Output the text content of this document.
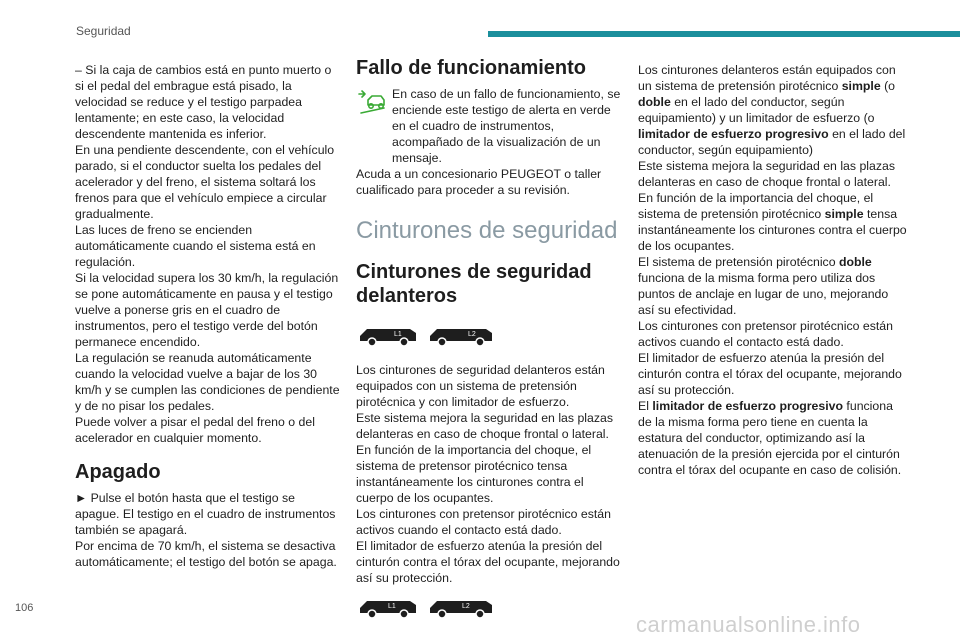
Seguridad

– Si la caja de cambios está en punto muerto o si el pedal del embrague está pisado, la velocidad se reduce y el testigo parpadea lentamente; en este caso, la velocidad descendente mantenida es inferior.

En una pendiente descendente, con el vehículo parado, si el conductor suelta los pedales del acelerador y del freno, el sistema soltará los frenos para que el vehículo empiece a circular gradualmente.

Las luces de freno se encienden automáticamente cuando el sistema está en regulación.

Si la velocidad supera los 30 km/h, la regulación se pone automáticamente en pausa y el testigo vuelve a ponerse gris en el cuadro de instrumentos, pero el testigo verde del botón permanece encendido.

La regulación se reanuda automáticamente cuando la velocidad vuelve a bajar de los 30 km/h y se cumplen las condiciones de pendiente y de no pisar los pedales.

Puede volver a pisar el pedal del freno o del acelerador en cualquier momento.

Apagado

► Pulse el botón hasta que el testigo se apague. El testigo en el cuadro de instrumentos también se apagará.

Por encima de 70 km/h, el sistema se desactiva automáticamente; el testigo del botón se apaga.

Fallo de funcionamiento

En caso de un fallo de funcionamiento, se enciende este testigo de alerta en verde en el cuadro de instrumentos, acompañado de la visualización de un mensaje.

Acuda a un concesionario PEUGEOT o taller cualificado para proceder a su revisión.

Cinturones de seguridad
Cinturones de seguridad delanteros
L1	L2

Los cinturones de seguridad delanteros están equipados con un sistema de pretensión pirotécnica y con limitador de esfuerzo.

Este sistema mejora la seguridad en las plazas delanteras en caso de choque frontal o lateral. En función de la importancia del choque, el sistema de pretensor pirotécnico tensa instantáneamente los cinturones contra el cuerpo de los ocupantes.

Los cinturones con pretensor pirotécnico están activos cuando el contacto está dado.

El limitador de esfuerzo atenúa la presión del cinturón contra el tórax del ocupante, mejorando así su protección.

L1	L2

Los cinturones delanteros están equipados con un sistema de pretensión pirotécnico simple (o doble en el lado del conductor, según equipamiento) y un limitador de esfuerzo (o limitador de esfuerzo progresivo en el lado del conductor, según equipamiento)

Este sistema mejora la seguridad en las plazas delanteras en caso de choque frontal o lateral.

En función de la importancia del choque, el sistema de pretensión pirotécnico simple tensa instantáneamente los cinturones contra el cuerpo de los ocupantes.

El sistema de pretensión pirotécnico doble funciona de la misma forma pero utiliza dos puntos de anclaje en lugar de uno, mejorando así su efectividad.

Los cinturones con pretensor pirotécnico están activos cuando el contacto está dado.

El limitador de esfuerzo atenúa la presión del cinturón contra el tórax del ocupante, mejorando así su protección.

El limitador de esfuerzo progresivo funciona de la misma forma pero tiene en cuenta la estatura del conductor, optimizando así la atenuación de la presión ejercida por el cinturón contra el tórax del ocupante en caso de colisión.

106
carmanualsonline.info
